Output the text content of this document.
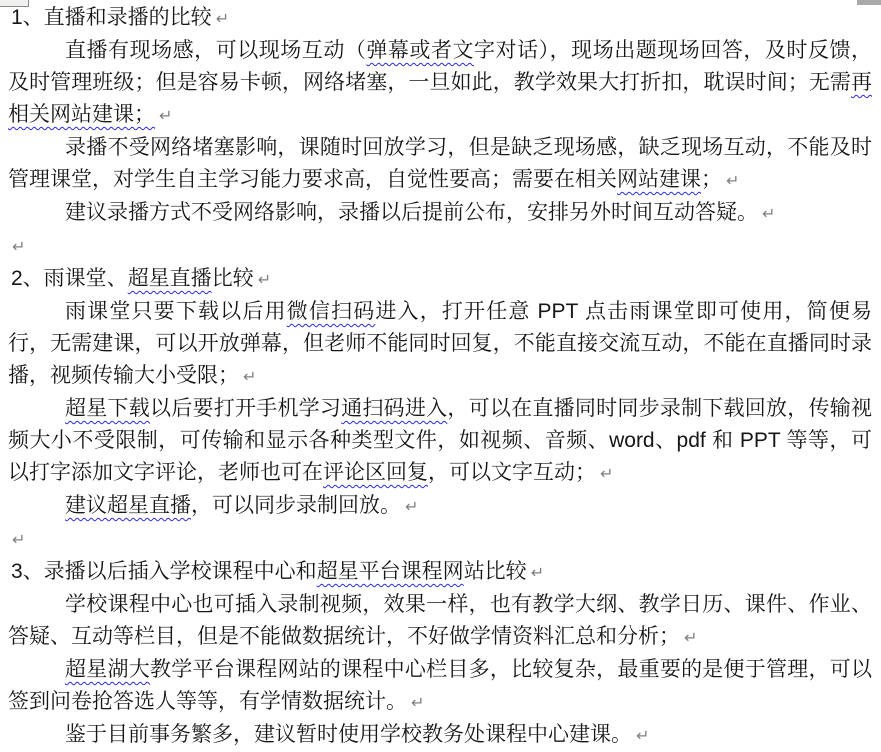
1、直播和录播的比较 ↵

直播有现场感，可以现场互动（弹幕或者文字对话），现场出题现场回答，及时反馈，及时管理班级；但是容易卡顿，网络堵塞，一旦如此，教学效果大打折扣，耽误时间；无需再相关网站建课； ↵

录播不受网络堵塞影响，课随时回放学习，但是缺乏现场感，缺乏现场互动，不能及时管理课堂，对学生自主学习能力要求高，自觉性要高；需要在相关网站建课； ↵

建议录播方式不受网络影响，录播以后提前公布，安排另外时间互动答疑。 ↵

↵

2、雨课堂、超星直播比较 ↵

雨课堂只要下载以后用微信扫码进入，打开任意 PPT 点击雨课堂即可使用，简便易行，无需建课，可以开放弹幕，但老师不能同时回复，不能直接交流互动，不能在直播同时录播，视频传输大小受限； ↵

超星下载以后要打开手机学习通扫码进入，可以在直播同时同步录制下载回放，传输视频大小不受限制，可传输和显示各种类型文件，如视频、音频、word、pdf 和 PPT 等等，可以打字添加文字评论，老师也可在评论区回复，可以文字互动； ↵

建议超星直播，可以同步录制回放。 ↵

↵

3、录播以后插入学校课程中心和超星平台课程网站比较 ↵

学校课程中心也可插入录制视频，效果一样，也有教学大纲、教学日历、课件、作业、答疑、互动等栏目，但是不能做数据统计，不好做学情资料汇总和分析； ↵

超星湖大教学平台课程网站的课程中心栏目多，比较复杂，最重要的是便于管理，可以签到问卷抢答选人等等，有学情数据统计。 ↵

鉴于目前事务繁多，建议暂时使用学校教务处课程中心建课。 ↵
